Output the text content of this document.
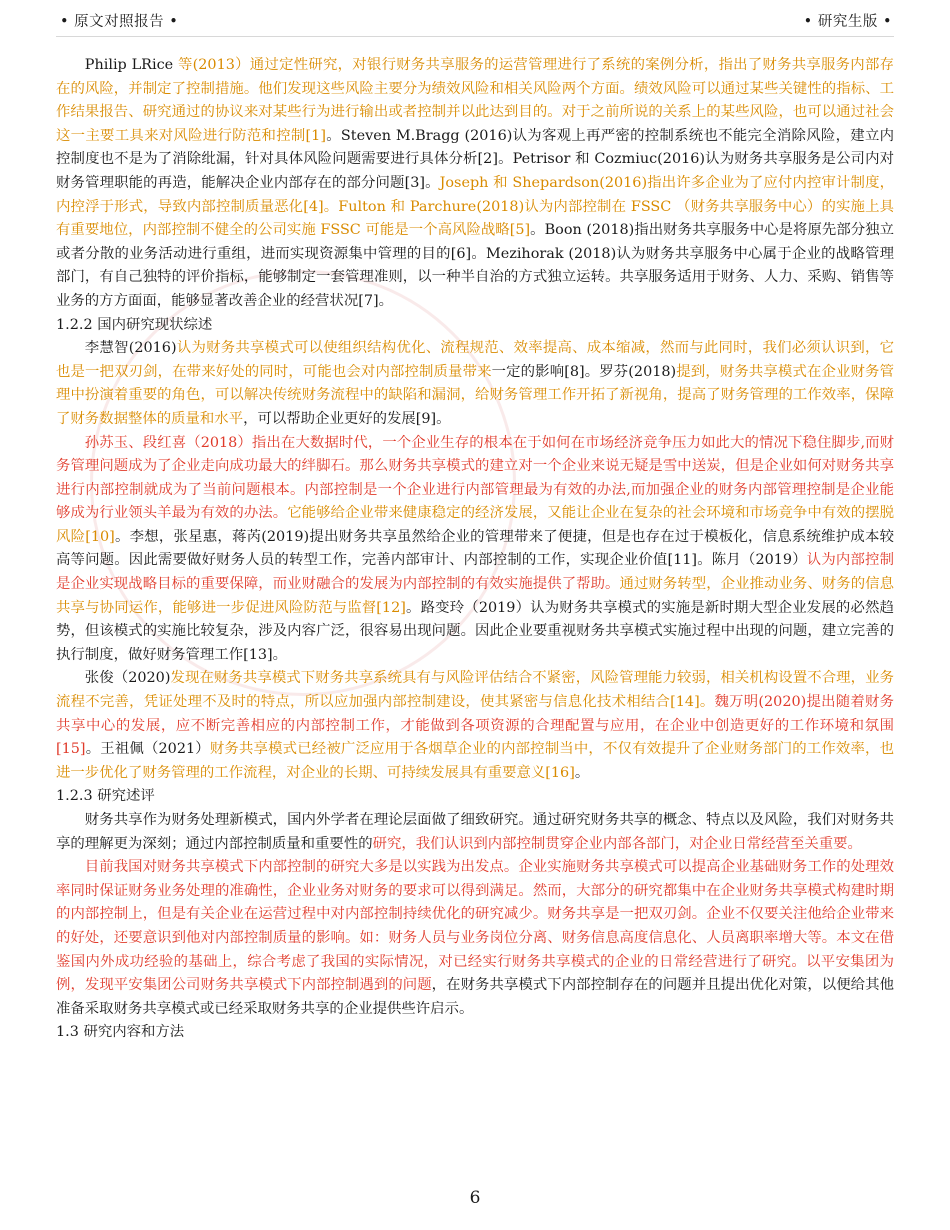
• 原文对照报告 •	• 研究生版 •

Philip LRice 等(2013）通过定性研究，对银行财务共享服务的运营管理进行了系统的案例分析，指出了财务共享服务内部存在的风险，并制定了控制措施。他们发现这些风险主要分为绩效风险和相关风险两个方面。绩效风险可以通过某些关键性的指标、工作结果报告、研究通过的协议来对某些行为进行输出或者控制并以此达到目的。对于之前所说的关系上的某些风险，也可以通过社会这一主要工具来对风险进行防范和控制[1]。Steven M.Bragg (2016)认为客观上再严密的控制系统也不能完全消除风险，建立内控制度也不是为了消除纰漏，针对具体风险问题需要进行具体分析[2]。Petrisor 和 Cozmiuc(2016)认为财务共享服务是公司内对财务管理职能的再造，能解决企业内部存在的部分问题[3]。Joseph 和 Shepardson(2016)指出许多企业为了应付内控审计制度，内控浮于形式，导致内部控制质量恶化[4]。Fulton 和 Parchure(2018)认为内部控制在 FSSC （财务共享服务中心）的实施上具有重要地位，内部控制不健全的公司实施 FSSC 可能是一个高风险战略[5]。Boon (2018)指出财务共享服务中心是将原先部分独立或者分散的业务活动进行重组，进而实现资源集中管理的目的[6]。Mezihorak (2018)认为财务共享服务中心属于企业的战略管理部门，有自己独特的评价指标，能够制定一套管理准则，以一种半自治的方式独立运转。共享服务适用于财务、人力、采购、销售等业务的方方面面，能够显著改善企业的经营状况[7]。

1.2.2 国内研究现状综述

李慧智(2016)认为财务共享模式可以使组织结构优化、流程规范、效率提高、成本缩减，然而与此同时，我们必须认识到，它也是一把双刃剑，在带来好处的同时，可能也会对内部控制质量带来一定的影响[8]。罗芬(2018)提到，财务共享模式在企业财务管理中扮演着重要的角色，可以解决传统财务流程中的缺陷和漏洞，给财务管理工作开拓了新视角，提高了财务管理的工作效率，保障了财务数据整体的质量和水平，可以帮助企业更好的发展[9]。

孙苏玉、段红喜（2018）指出在大数据时代，一个企业生存的根本在于如何在市场经济竞争压力如此大的情况下稳住脚步,而财务管理问题成为了企业走向成功最大的绊脚石。那么财务共享模式的建立对一个企业来说无疑是雪中送炭，但是企业如何对财务共享进行内部控制就成为了当前问题根本。内部控制是一个企业进行内部管理最为有效的办法,而加强企业的财务内部管理控制是企业能够成为行业领头羊最为有效的办法。它能够给企业带来健康稳定的经济发展，又能让企业在复杂的社会环境和市场竞争中有效的摆脱风险[10]。李想，张星惠，蒋芮(2019)提出财务共享虽然给企业的管理带来了便捷，但是也存在过于模板化，信息系统维护成本较高等问题。因此需要做好财务人员的转型工作，完善内部审计、内部控制的工作，实现企业价值[11]。陈月（2019）认为内部控制是企业实现战略目标的重要保障，而业财融合的发展为内部控制的有效实施提供了帮助。通过财务转型，企业推动业务、财务的信息共享与协同运作，能够进一步促进风险防范与监督[12]。路变玲（2019）认为财务共享模式的实施是新时期大型企业发展的必然趋势，但该模式的实施比较复杂，涉及内容广泛，很容易出现问题。因此企业要重视财务共享模式实施过程中出现的问题，建立完善的执行制度，做好财务管理工作[13]。

张俊（2020)发现在财务共享模式下财务共享系统具有与风险评估结合不紧密，风险管理能力较弱，相关机构设置不合理，业务流程不完善，凭证处理不及时的特点，所以应加强内部控制建设，使其紧密与信息化技术相结合[14]。魏万明(2020)提出随着财务共享中心的发展，应不断完善相应的内部控制工作，才能做到各项资源的合理配置与应用，在企业中创造更好的工作环境和氛围[15]。王祖佩（2021）财务共享模式已经被广泛应用于各烟草企业的内部控制当中，不仅有效提升了企业财务部门的工作效率，也进一步优化了财务管理的工作流程，对企业的长期、可持续发展具有重要意义[16]。

1.2.3 研究述评

财务共享作为财务处理新模式，国内外学者在理论层面做了细致研究。通过研究财务共享的概念、特点以及风险，我们对财务共享的理解更为深刻；通过内部控制质量和重要性的研究，我们认识到内部控制贯穿企业内部各部门，对企业日常经营至关重要。

目前我国对财务共享模式下内部控制的研究大多是以实践为出发点。企业实施财务共享模式可以提高企业基础财务工作的处理效率同时保证财务业务处理的准确性，企业业务对财务的要求可以得到满足。然而，大部分的研究都集中在企业财务共享模式构建时期的内部控制上，但是有关企业在运营过程中对内部控制持续优化的研究减少。财务共享是一把双刃剑。企业不仅要关注他给企业带来的好处，还要意识到他对内部控制质量的影响。如：财务人员与业务岗位分离、财务信息高度信息化、人员离职率增大等。本文在借鉴国内外成功经验的基础上，综合考虑了我国的实际情况，对已经实行财务共享模式的企业的日常经营进行了研究。以平安集团为例，发现平安集团公司财务共享模式下内部控制遇到的问题，在财务共享模式下内部控制存在的问题并且提出优化对策，以便给其他准备采取财务共享模式或已经采取财务共享的企业提供些许启示。

1.3 研究内容和方法

6
